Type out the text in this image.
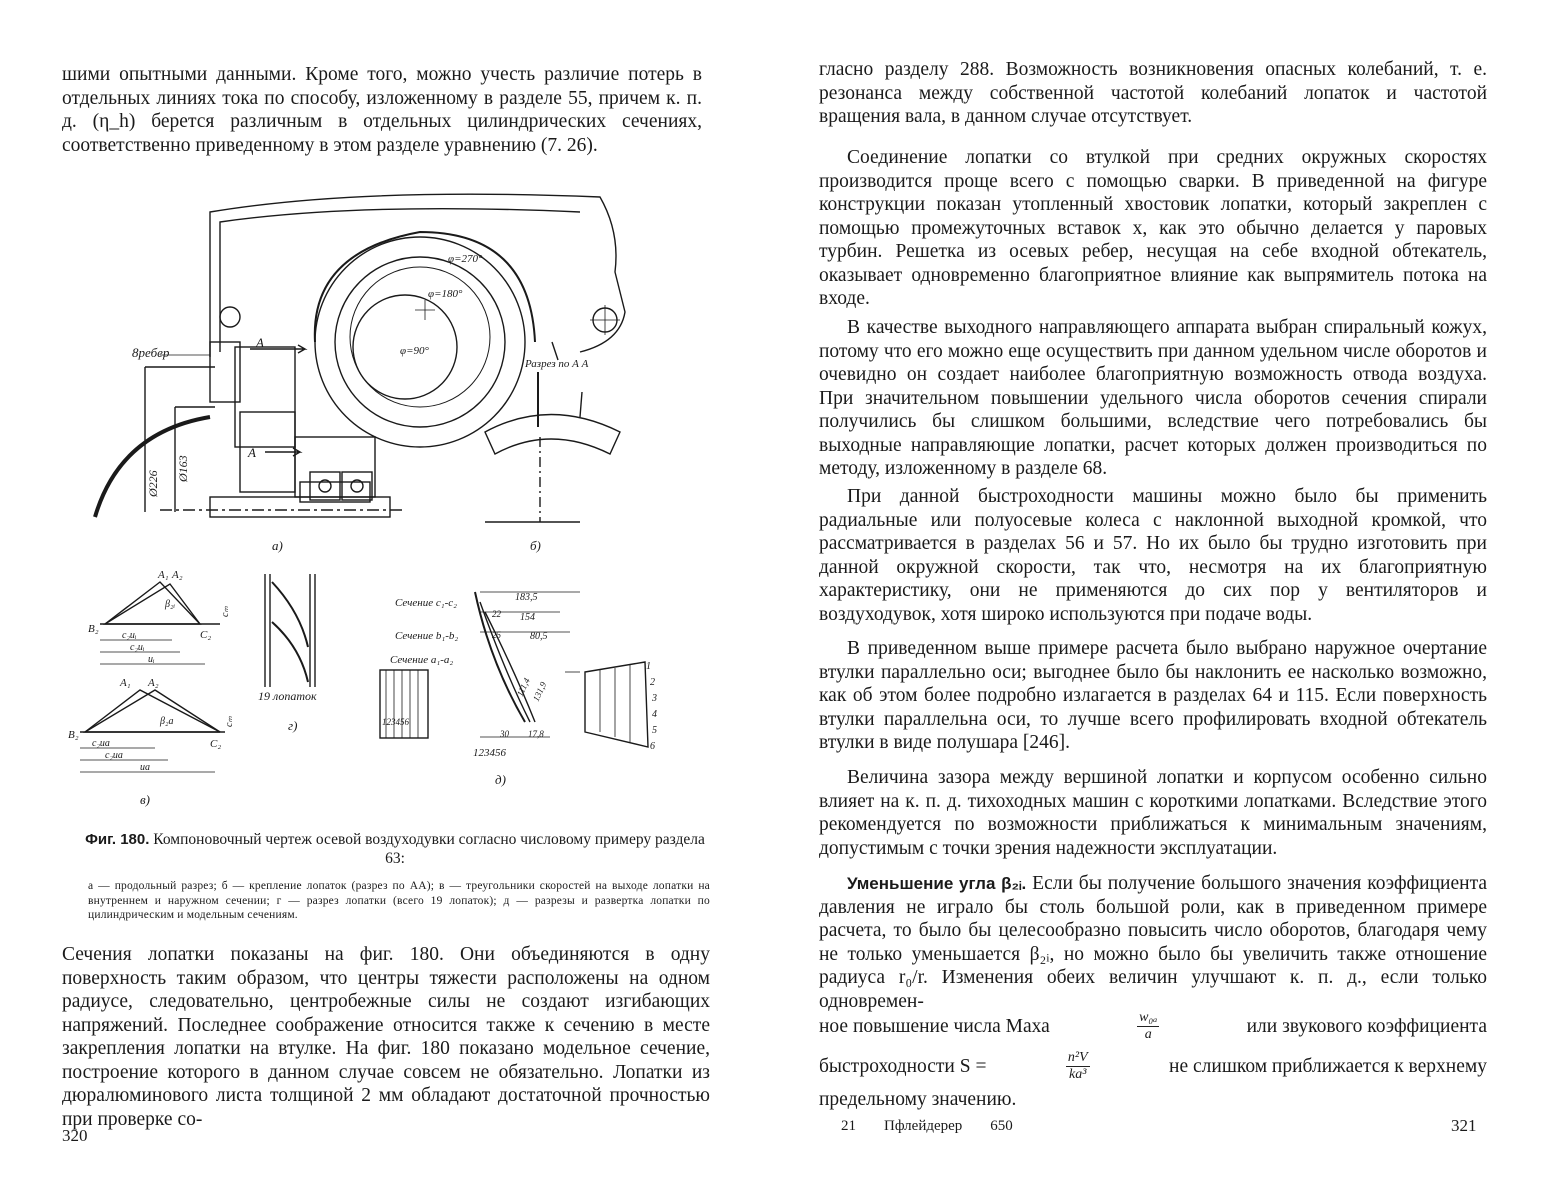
шими опытными данными. Кроме того, можно учесть различие потерь в отдельных линиях тока по способу, изложенному в разделе 55, причем к. п. д. (η_h) берется различным в отдельных цилиндрических сечениях, соответственно приведенному в этом разделе уравнению (7. 26).

8ребер
Разрез по А А
φ=270°
φ=180°
φ=90°
A
A
Ø226
Ø163
а)	б)
A₁ A₂
B₂	C₂
β₂ᵢ
c₂uᵢ
c₂uᵢ
uᵢ
cₘ
A₁ A₂
B₂
C₂
β₂а
c₂uа
c₂uа
uа
cₘ
в)
19 лопаток
г)
Сечение c₁-c₂
Сечение b₁-b₂
Сечение a₁-a₂
183,5
154
80,5
22
25
30 17,8
111,4
131,9
123456
123456
1
2
3
4
5
6
д)

Фиг. 180. Компоновочный чертеж осевой воздуходувки согласно числовому примеру раздела 63:

а — продольный разрез; б — крепление лопаток (разрез по АА); в — треугольники скоростей на выходе лопатки на внутреннем и наружном сечении; г — разрез лопатки (всего 19 лопаток); д — разрезы и развертка лопатки по цилиндрическим и модельным сечениям.

Сечения лопатки показаны на фиг. 180. Они объединяются в одну поверхность таким образом, что центры тяжести расположены на одном радиусе, следовательно, центробежные силы не создают изгибающих напряжений. Последнее соображение относится также к сечению в месте закрепления лопатки на втулке. На фиг. 180 показано модельное сечение, построение которого в данном случае совсем не обязательно. Лопатки из дюралюминового листа толщиной 2 мм обладают достаточной прочностью при проверке со-

320

гласно разделу 288. Возможность возникновения опасных колебаний, т. е. резонанса между собственной частотой колебаний лопаток и частотой вращения вала, в данном случае отсутствует.

Соединение лопатки со втулкой при средних окружных скоростях производится проще всего с помощью сварки. В приведенной на фигуре конструкции показан утопленный хвостовик лопатки, который закреплен с помощью промежуточных вставок x, как это обычно делается у паровых турбин. Решетка из осевых ребер, несущая на себе входной обтекатель, оказывает одновременно благоприятное влияние как выпрямитель потока на входе.

В качестве выходного направляющего аппарата выбран спиральный кожух, потому что его можно еще осуществить при данном удельном числе оборотов и очевидно он создает наиболее благоприятную возможность отвода воздуха. При значительном повышении удельного числа оборотов сечения спирали получились бы слишком большими, вследствие чего потребовались бы выходные направляющие лопатки, расчет которых должен производиться по методу, изложенному в разделе 68.

При данной быстроходности машины можно было бы применить радиальные или полуосевые колеса с наклонной выходной кромкой, что рассматривается в разделах 56 и 57. Но их было бы трудно изготовить при данной окружной скорости, так что, несмотря на их благоприятную характеристику, они не применяются до сих пор у вентиляторов и воздуходувок, хотя широко используются при подаче воды.

В приведенном выше примере расчета было выбрано наружное очертание втулки параллельно оси; выгоднее было бы наклонить ее насколько возможно, как об этом более подробно излагается в разделах 64 и 115. Если поверхность втулки параллельна оси, то лучше всего профилировать входной обтекатель втулки в виде полушара [246].

Величина зазора между вершиной лопатки и корпусом особенно сильно влияет на к. п. д. тихоходных машин с короткими лопатками. Вследствие этого рекомендуется по возможности приближаться к минимальным значениям, допустимым с точки зрения надежности эксплуатации.

Уменьшение угла β₂ᵢ. Если бы получение большого значения коэффициента давления не играло бы столь большой роли, как в приведенном примере расчета, то было бы целесообразно повысить число оборотов, благодаря чему не только уменьшается β₂ᵢ, но можно было бы увеличить также отношение радиуса r₀/r. Изменения обеих величин улучшают к. п. д., если только одновремен-

ное повышение числа Маха	$\frac{\text{w₀ₐ}}{a}$	или звукового коэффициента
быстроходности S =	$\frac{\text{n²V}}{\text{ka³}}$	не слишком приближается к верхнему

предельному значению.

21 Пфлейдерер 650	321
